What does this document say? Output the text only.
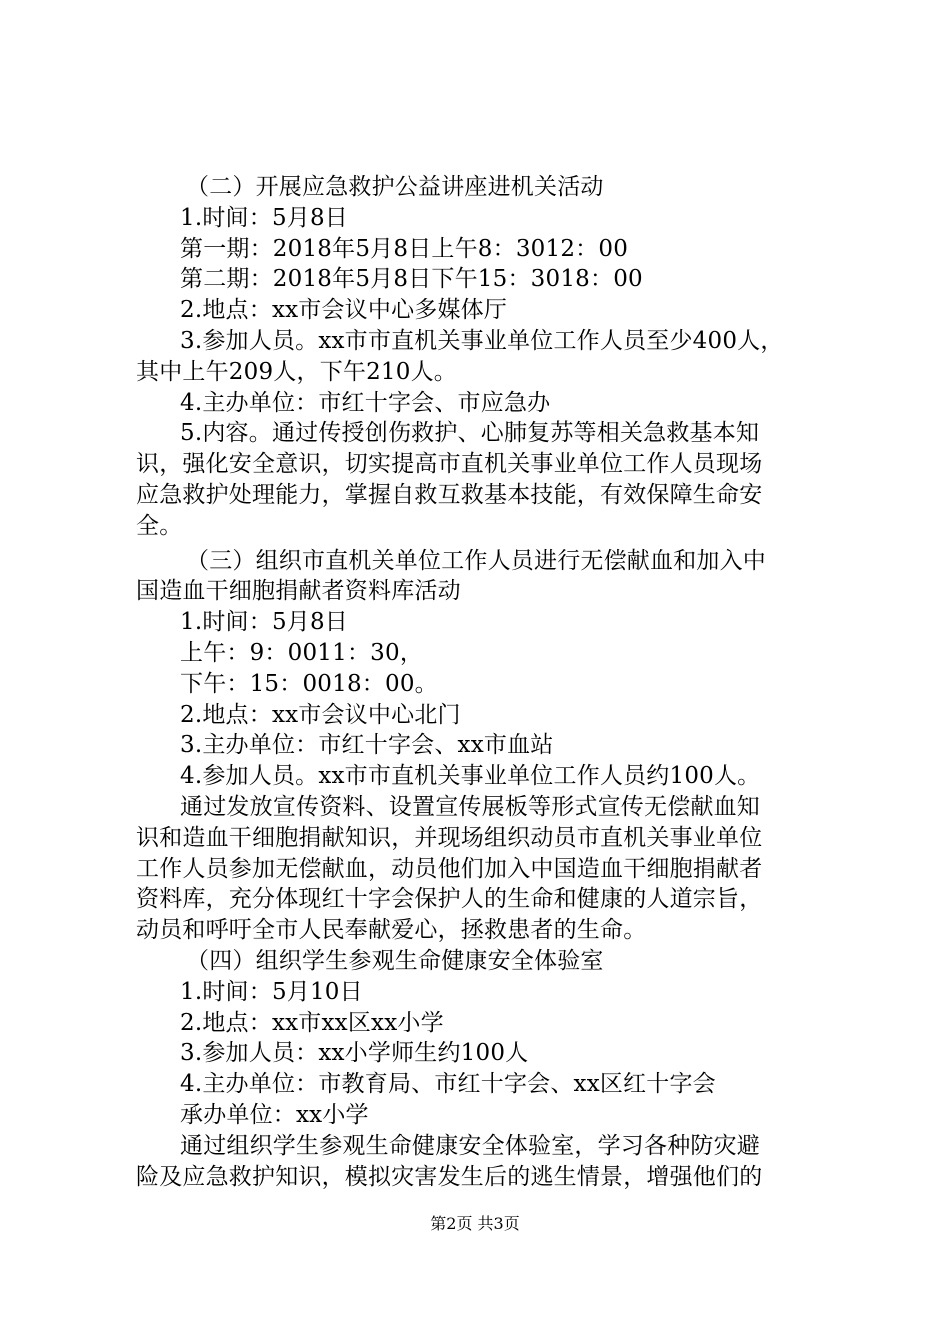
（二）开展应急救护公益讲座进机关活动
1.时间：5月8日
第一期：2018年5月8日上午8：3012：00
第二期：2018年5月8日下午15：3018：00
2.地点：xx市会议中心多媒体厅
3.参加人员。xx市市直机关事业单位工作人员至少400人，
其中上午209人，下午210人。
4.主办单位：市红十字会、市应急办
5.内容。通过传授创伤救护、心肺复苏等相关急救基本知
识，强化安全意识，切实提高市直机关事业单位工作人员现场
应急救护处理能力，掌握自救互救基本技能，有效保障生命安
全。
（三）组织市直机关单位工作人员进行无偿献血和加入中
国造血干细胞捐献者资料库活动
1.时间：5月8日
上午：9：0011：30，
下午：15：0018：00。
2.地点：xx市会议中心北门
3.主办单位：市红十字会、xx市血站
4.参加人员。xx市市直机关事业单位工作人员约100人。
通过发放宣传资料、设置宣传展板等形式宣传无偿献血知
识和造血干细胞捐献知识，并现场组织动员市直机关事业单位
工作人员参加无偿献血，动员他们加入中国造血干细胞捐献者
资料库，充分体现红十字会保护人的生命和健康的人道宗旨，
动员和呼吁全市人民奉献爱心，拯救患者的生命。
（四）组织学生参观生命健康安全体验室
1.时间：5月10日
2.地点：xx市xx区xx小学
3.参加人员：xx小学师生约100人
4.主办单位：市教育局、市红十字会、xx区红十字会
承办单位：xx小学
通过组织学生参观生命健康安全体验室，学习各种防灾避
险及应急救护知识，模拟灾害发生后的逃生情景，增强他们的
第2页 共3页
